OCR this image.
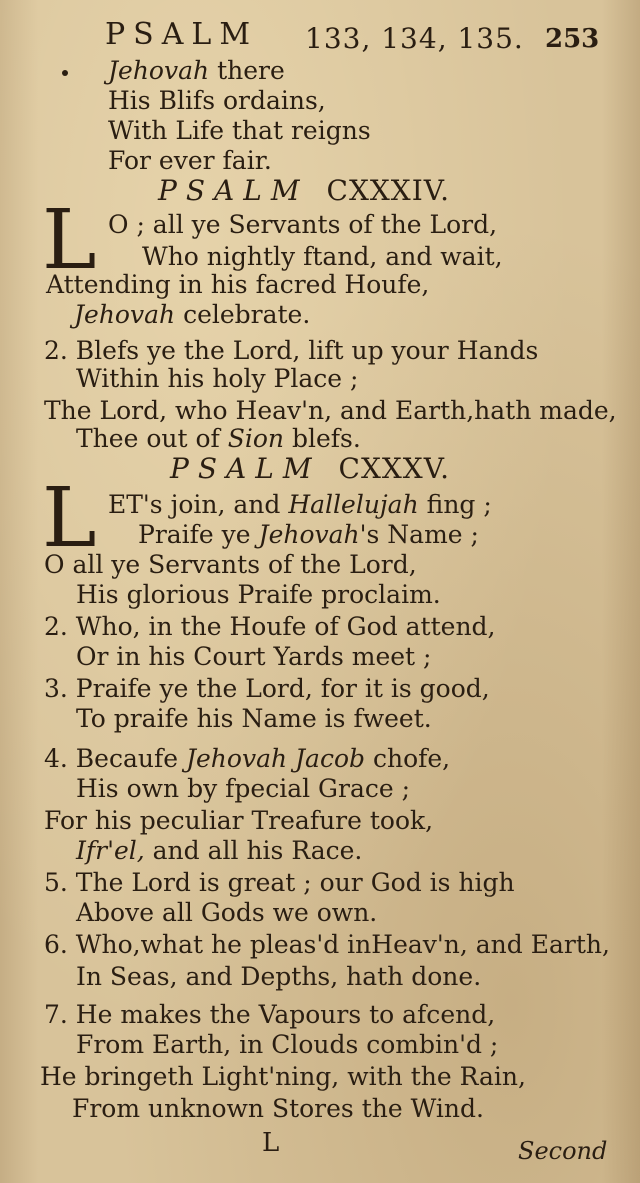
PSALM 133, 134, 135. 253
Jehovah there
His Blifs ordains,
With Life that reigns
For ever fair.
PSALM CXXXIV.
L O ; all ye Servants of the Lord,
Who nightly ftand, and wait,
Attending in his facred Houfe,
Jehovah celebrate.
2. Blefs ye the Lord, lift up your Hands
Within his holy Place ;
The Lord, who Heav'n, and Earth,hath made,
Thee out of Sion blefs.
PSALM CXXXV.
L ET's join, and Hallelujah fing ;
Praife ye Jehovah's Name ;
O all ye Servants of the Lord,
His glorious Praife proclaim.
2. Who, in the Houfe of God attend,
Or in his Court Yards meet ;
3. Praife ye the Lord, for it is good,
To praife his Name is fweet.
4. Becaufe Jehovah Jacob chofe,
His own by fpecial Grace ;
For his peculiar Treafure took,
Ifr'el, and all his Race.
5. The Lord is great ; our God is high
Above all Gods we own.
6. Who,what he pleas'd inHeav'n, and Earth,
In Seas, and Depths, hath done.
7. He makes the Vapours to afcend,
From Earth, in Clouds combin'd ;
He bringeth Light'ning, with the Rain,
From unknown Stores the Wind.
L	Second
